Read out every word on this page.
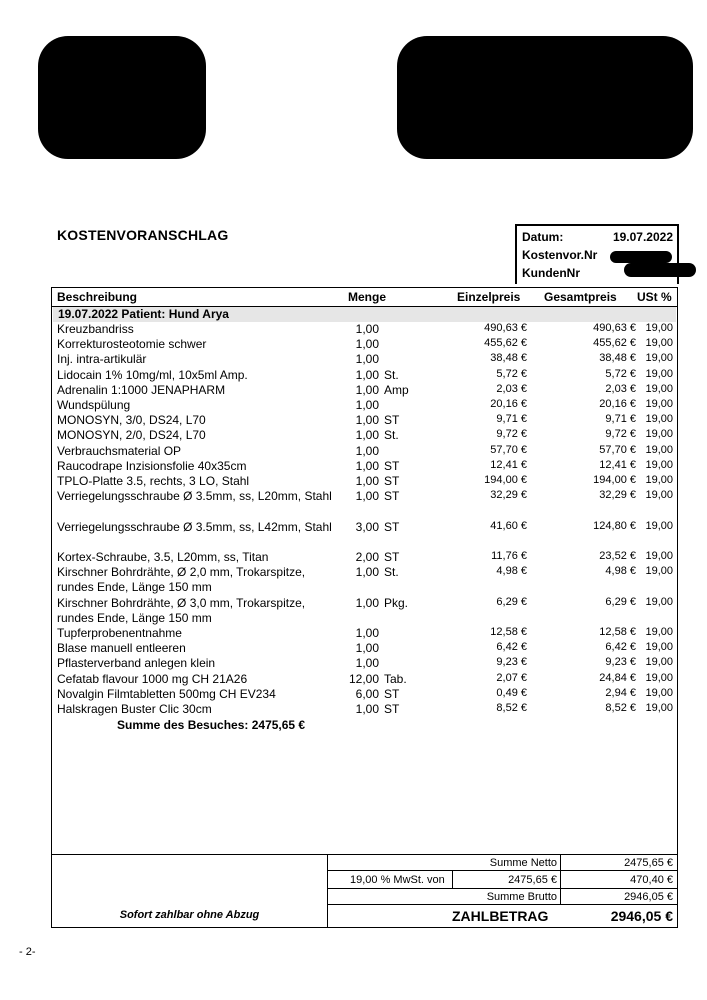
KOSTENVORANSCHLAG	Datum:	19.07.2022
Kostenvor.Nr
KundenNr
Beschreibung	Menge	Einzelpreis Gesamtpreis USt %
19.07.2022 Patient: Hund Arya
Kreuzbandriss	1,00	490,63 €	490,63 € 19,00
Korrekturosteotomie schwer	1,00	455,62 €	455,62 € 19,00
Inj. intra-artikulär	1,00	38,48 €	38,48 € 19,00
Lidocain 1% 10mg/ml, 10x5ml Amp.	1,00 St.	5,72 €	5,72 € 19,00
Adrenalin 1:1000 JENAPHARM	1,00 Amp	2,03 €	2,03 € 19,00
Wundspülung	1,00	20,16 €	20,16 € 19,00
MONOSYN, 3/0, DS24, L70	1,00 ST	9,71 €	9,71 € 19,00
MONOSYN, 2/0, DS24, L70	1,00 St.	9,72 €	9,72 € 19,00
Verbrauchsmaterial OP	1,00	57,70 €	57,70 € 19,00
Raucodrape Inzisionsfolie 40x35cm	1,00 ST	12,41 €	12,41 € 19,00
TPLO-Platte 3.5, rechts, 3 LO, Stahl	1,00 ST	194,00 €	194,00 € 19,00
Verriegelungsschraube Ø 3.5mm, ss, L20mm, Stahl	1,00 ST	32,29 €	32,29 € 19,00
Verriegelungsschraube Ø 3.5mm, ss, L42mm, Stahl	3,00 ST	41,60 €	124,80 € 19,00
Kortex-Schraube, 3.5, L20mm, ss, Titan	2,00 ST	11,76 €	23,52 € 19,00
Kirschner Bohrdrähte, Ø 2,0 mm, Trokarspitze, rundes Ende, Länge 150 mm
1,00 St.	4,98 €	4,98 € 19,00
Kirschner Bohrdrähte, Ø 3,0 mm, Trokarspitze, rundes Ende, Länge 150 mm
1,00 Pkg.	6,29 €	6,29 € 19,00
Tupferprobenentnahme	1,00	12,58 €	12,58 € 19,00
Blase manuell entleeren	1,00	6,42 €	6,42 € 19,00
Pflasterverband anlegen klein	1,00	9,23 €	9,23 € 19,00
Cefatab flavour 1000 mg CH 21A26	12,00 Tab.	2,07 €	24,84 € 19,00
Novalgin Filmtabletten 500mg CH EV234	6,00 ST	0,49 €	2,94 € 19,00
Halskragen Buster Clic 30cm	1,00 ST	8,52 €	8,52 € 19,00
Summe des Besuches: 2475,65 €
Summe Netto	2475,65 €
19,00 % MwSt. von	2475,65 €	470,40 €
Summe Brutto	2946,05 €
Sofort zahlbar ohne Abzug	ZAHLBETRAG	2946,05 €
- 2-
